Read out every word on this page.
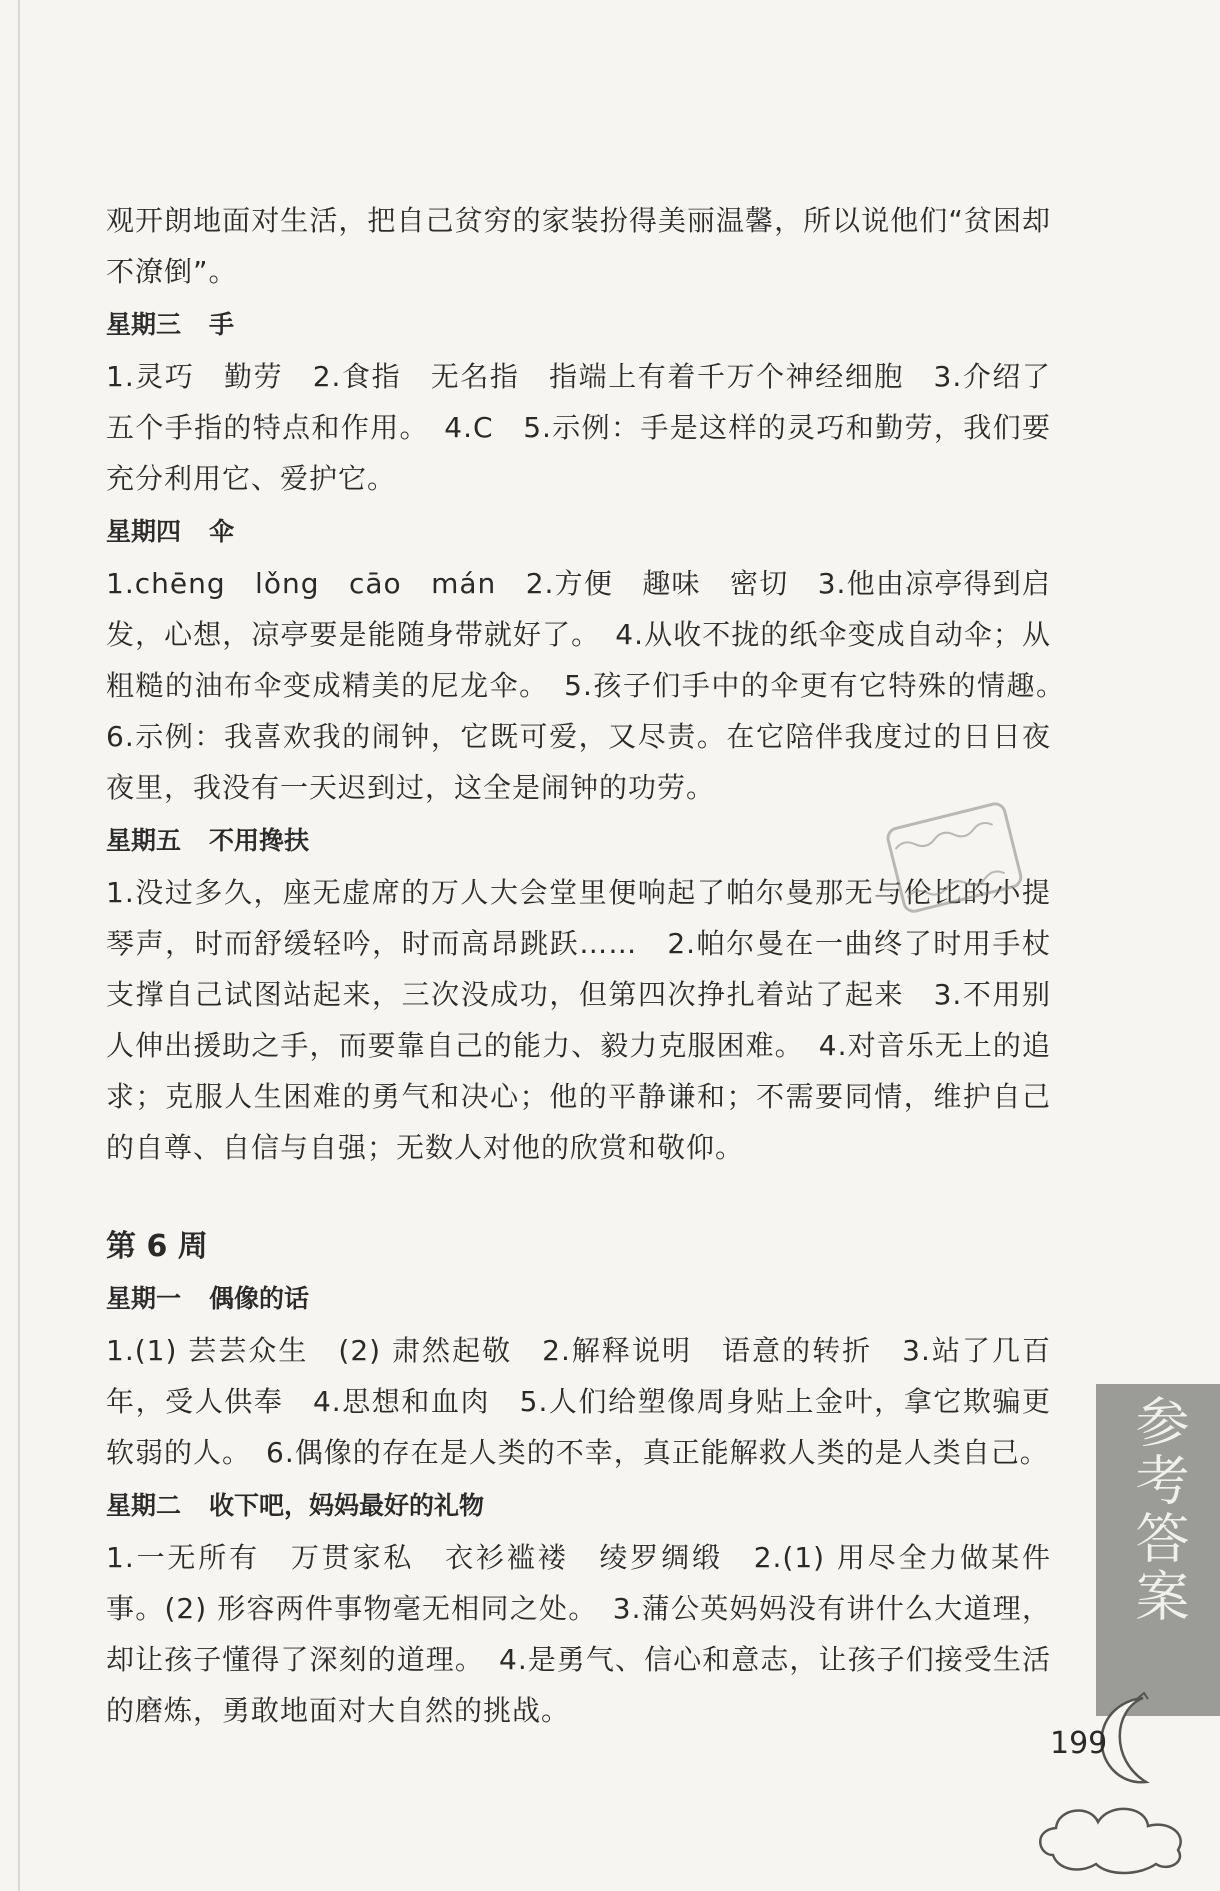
观开朗地面对生活，把自己贫穷的家装扮得美丽温馨，所以说他们“贫困却不潦倒”。

星期三 手

1.灵巧　勤劳　2.食指　无名指　指端上有着千万个神经细胞　3.介绍了五个手指的特点和作用。　4.C　5.示例：手是这样的灵巧和勤劳，我们要充分利用它、爱护它。

星期四 伞

1.chēng　lǒng　cāo　mán　2.方便　趣味　密切　3.他由凉亭得到启发，心想，凉亭要是能随身带就好了。　4.从收不拢的纸伞变成自动伞；从粗糙的油布伞变成精美的尼龙伞。　5.孩子们手中的伞更有它特殊的情趣。　6.示例：我喜欢我的闹钟，它既可爱，又尽责。在它陪伴我度过的日日夜夜里，我没有一天迟到过，这全是闹钟的功劳。

星期五 不用搀扶

1.没过多久，座无虚席的万人大会堂里便响起了帕尔曼那无与伦比的小提琴声，时而舒缓轻吟，时而高昂跳跃……　2.帕尔曼在一曲终了时用手杖支撑自己试图站起来，三次没成功，但第四次挣扎着站了起来　3.不用别人伸出援助之手，而要靠自己的能力、毅力克服困难。　4.对音乐无上的追求；克服人生困难的勇气和决心；他的平静谦和；不需要同情，维护自己的自尊、自信与自强；无数人对他的欣赏和敬仰。

第 6 周
星期一 偶像的话

1.(1) 芸芸众生　(2) 肃然起敬　2.解释说明　语意的转折　3.站了几百年，受人供奉　4.思想和血肉　5.人们给塑像周身贴上金叶，拿它欺骗更软弱的人。　6.偶像的存在是人类的不幸，真正能解救人类的是人类自己。

星期二 收下吧，妈妈最好的礼物

1.一无所有　万贯家私　衣衫褴褛　绫罗绸缎　2.(1) 用尽全力做某件事。(2) 形容两件事物毫无相同之处。　3.蒲公英妈妈没有讲什么大道理，却让孩子懂得了深刻的道理。　4.是勇气、信心和意志，让孩子们接受生活的磨炼，勇敢地面对大自然的挑战。

参考答案
199
